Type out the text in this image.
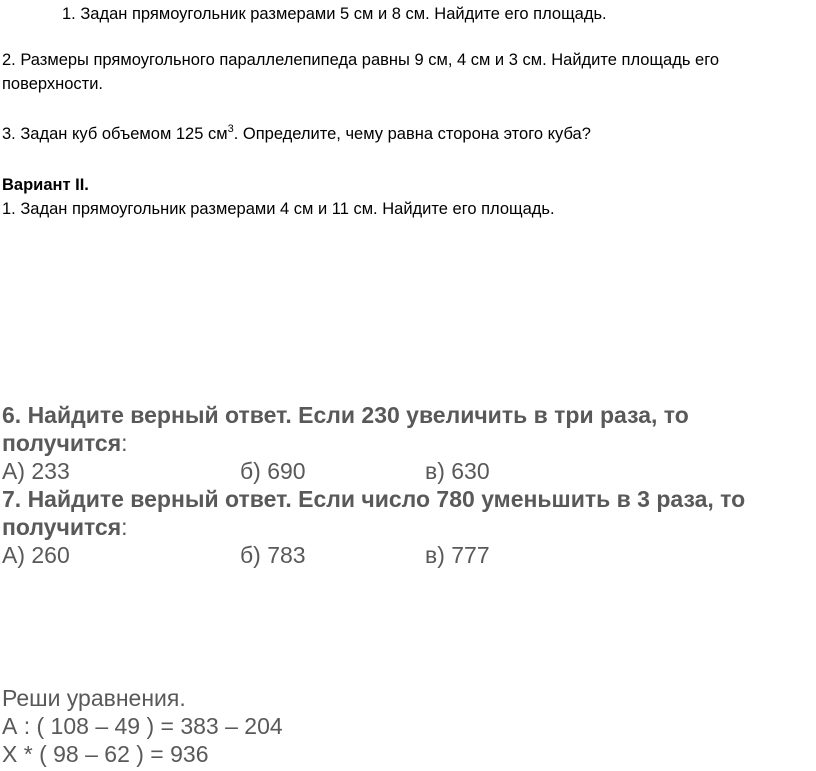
1. Задан прямоугольник размерами 5 см и 8 см. Найдите его площадь.
2. Размеры прямоугольного параллелепипеда равны 9 см, 4 см и 3 см. Найдите площадь его
поверхности.
3. Задан куб объемом 125 $см^3$. Определите, чему равна сторона этого куба?
Вариант II.
1. Задан прямоугольник размерами 4 см и 11 см. Найдите его площадь.
6. Найдите верный ответ. Если 230 увеличить в три раза, то
получится:
А) 233	б) 690	в) 630
7. Найдите верный ответ. Если число 780 уменьшить в 3 раза, то
получится:
А) 260	б) 783	в) 777
Реши уравнения.
А : ( 108 – 49 ) = 383 – 204
Х * ( 98 – 62 ) = 936
